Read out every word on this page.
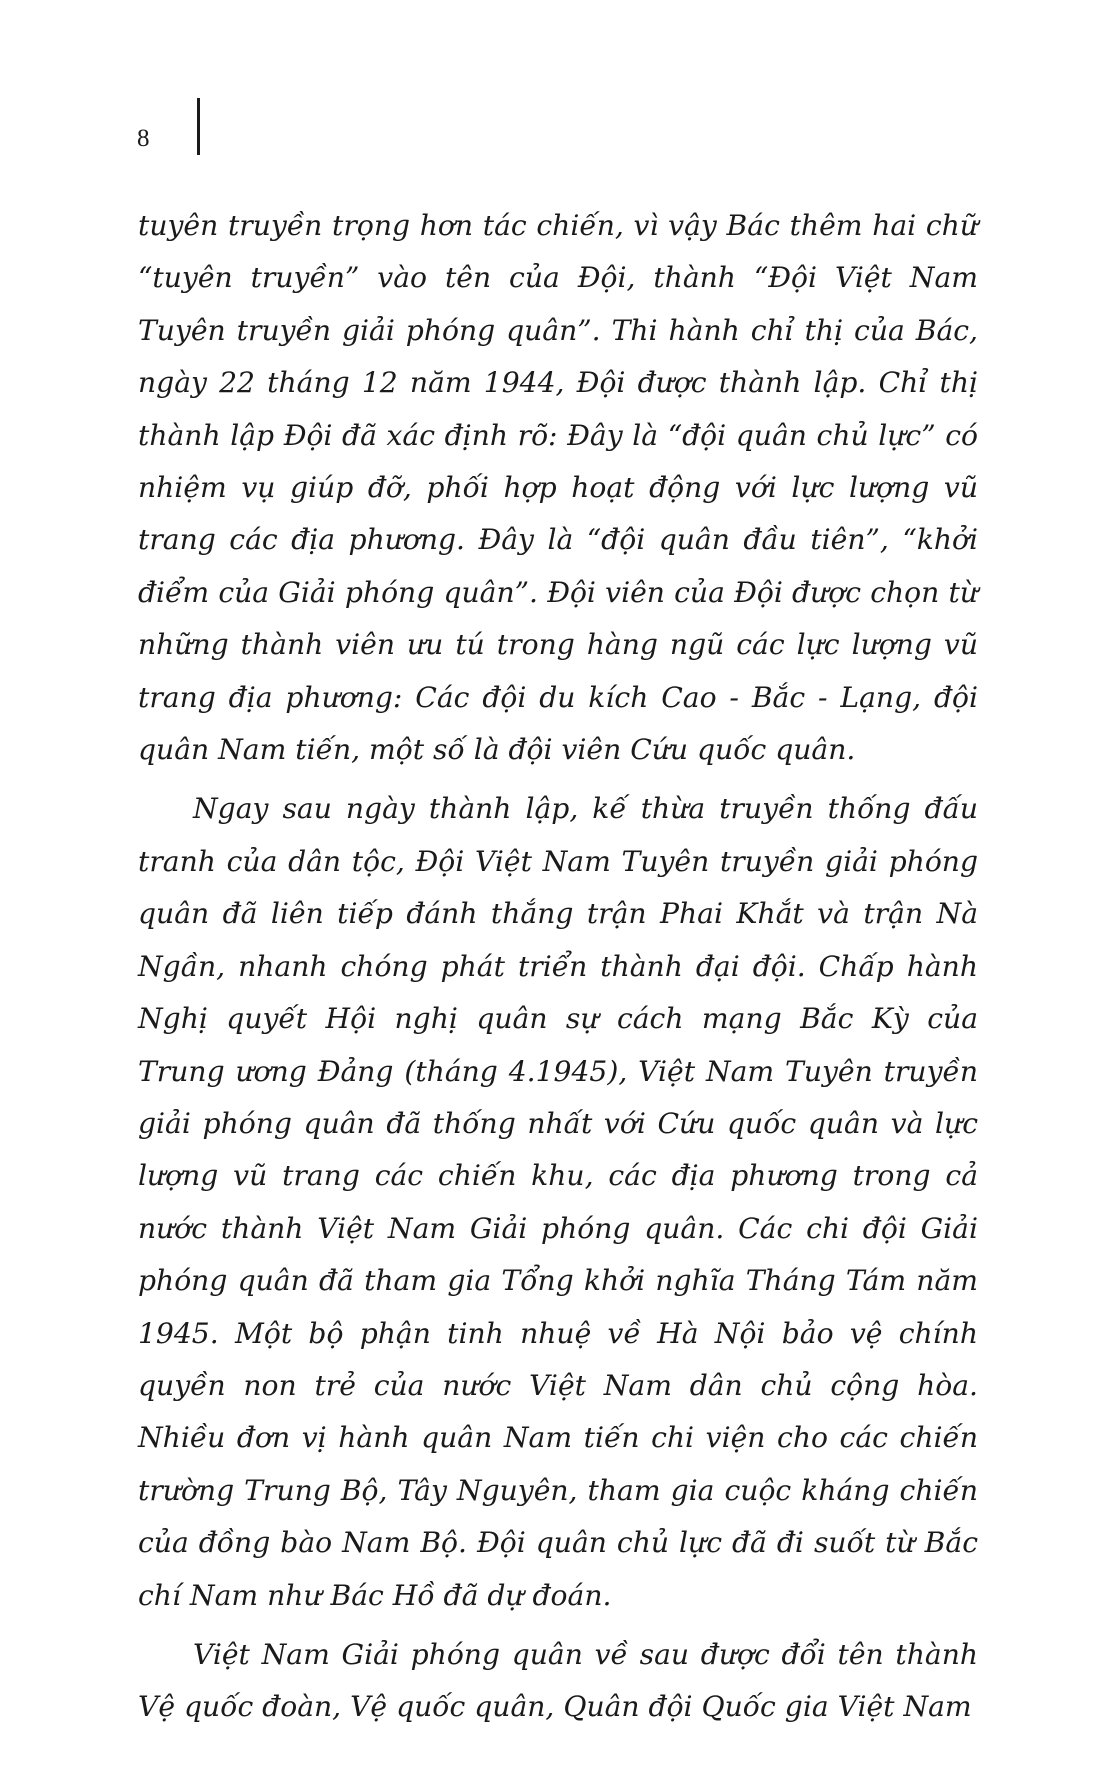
8

tuyên truyền trọng hơn tác chiến, vì vậy Bác thêm hai chữ “tuyên truyền” vào tên của Đội, thành “Đội Việt Nam Tuyên truyền giải phóng quân”. Thi hành chỉ thị của Bác, ngày 22 tháng 12 năm 1944, Đội được thành lập. Chỉ thị thành lập Đội đã xác định rõ: Đây là “đội quân chủ lực” có nhiệm vụ giúp đỡ, phối hợp hoạt động với lực lượng vũ trang các địa phương. Đây là “đội quân đầu tiên”, “khởi điểm của Giải phóng quân”. Đội viên của Đội được chọn từ những thành viên ưu tú trong hàng ngũ các lực lượng vũ trang địa phương: Các đội du kích Cao - Bắc - Lạng, đội quân Nam tiến, một số là đội viên Cứu quốc quân.

Ngay sau ngày thành lập, kế thừa truyền thống đấu tranh của dân tộc, Đội Việt Nam Tuyên truyền giải phóng quân đã liên tiếp đánh thắng trận Phai Khắt và trận Nà Ngần, nhanh chóng phát triển thành đại đội. Chấp hành Nghị quyết Hội nghị quân sự cách mạng Bắc Kỳ của Trung ương Đảng (tháng 4.1945), Việt Nam Tuyên truyền giải phóng quân đã thống nhất với Cứu quốc quân và lực lượng vũ trang các chiến khu, các địa phương trong cả nước thành Việt Nam Giải phóng quân. Các chi đội Giải phóng quân đã tham gia Tổng khởi nghĩa Tháng Tám năm 1945. Một bộ phận tinh nhuệ về Hà Nội bảo vệ chính quyền non trẻ của nước Việt Nam dân chủ cộng hòa. Nhiều đơn vị hành quân Nam tiến chi viện cho các chiến trường Trung Bộ, Tây Nguyên, tham gia cuộc kháng chiến của đồng bào Nam Bộ. Đội quân chủ lực đã đi suốt từ Bắc chí Nam như Bác Hồ đã dự đoán.

Việt Nam Giải phóng quân về sau được đổi tên thành Vệ quốc đoàn, Vệ quốc quân, Quân đội Quốc gia Việt Nam
